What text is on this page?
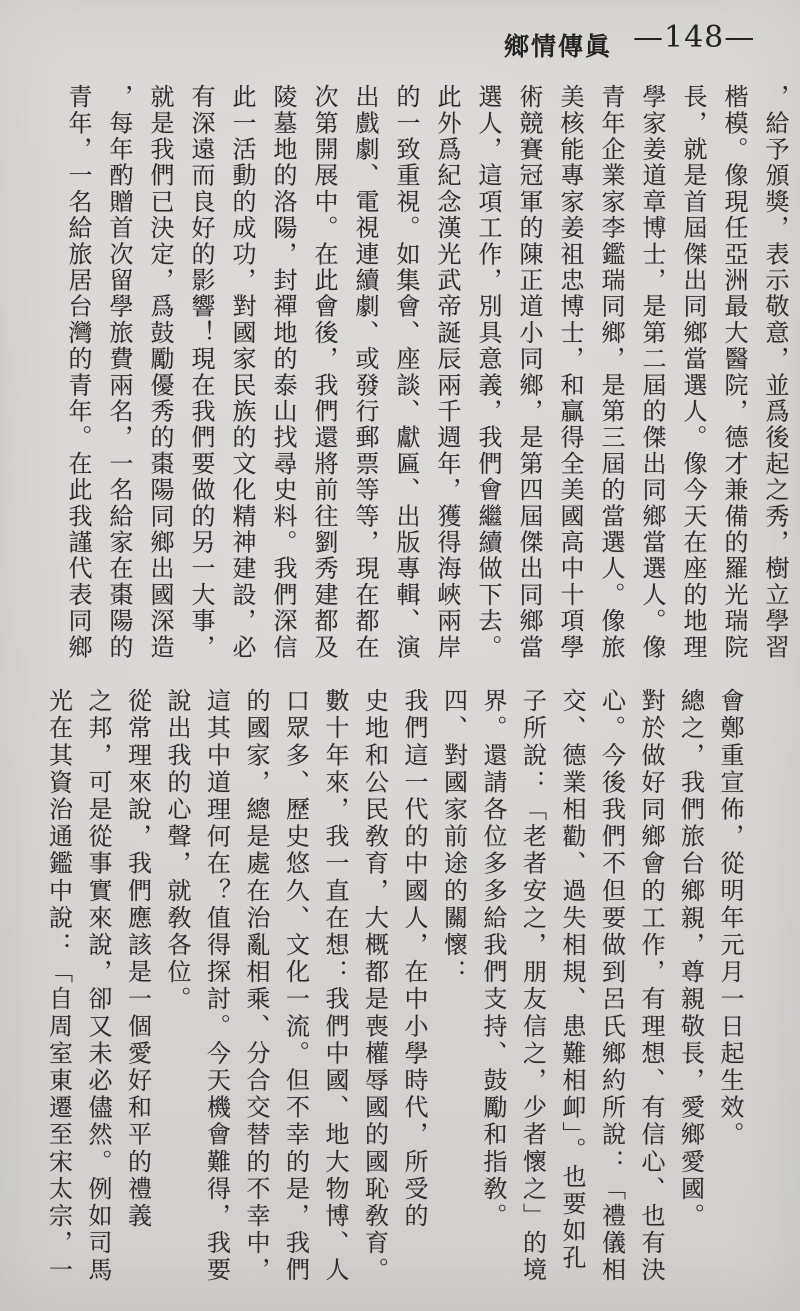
鄉情傳眞 —148—

，給予頒獎，表示敬意，並爲後起之秀，樹立學習

楷模。像現任亞洲最大醫院，德才兼備的羅光瑞院

長，就是首屆傑出同鄉當選人。像今天在座的地理

學家姜道章博士，是第二屆的傑出同鄉當選人。像

青年企業家李鑑瑞同鄉，是第三屆的當選人。像旅

美核能專家姜祖忠博士，和贏得全美國高中十項學

術競賽冠軍的陳正道小同鄉，是第四屆傑出同鄉當

選人，這項工作，別具意義，我們會繼續做下去。

此外爲紀念漢光武帝誕辰兩千週年，獲得海峽兩岸

的一致重視。如集會、座談、獻匾、出版專輯、演

出戲劇、電視連續劇、或發行郵票等等，現在都在

次第開展中。在此會後，我們還將前往劉秀建都及

陵墓地的洛陽，封禪地的泰山找尋史料。我們深信

此一活動的成功，對國家民族的文化精神建設，必

有深遠而良好的影響！現在我們要做的另一大事，

就是我們已決定，爲鼓勵優秀的棗陽同鄉出國深造

，每年酌贈首次留學旅費兩名，一名給家在棗陽的

青年，一名給旅居台灣的青年。在此我謹代表同鄉

會鄭重宣佈，從明年元月一日起生效。

總之，我們旅台鄉親，尊親敬長，愛鄉愛國。

對於做好同鄉會的工作，有理想、有信心、也有決

心。今後我們不但要做到呂氏鄉約所說：「禮儀相

交、德業相勸、過失相規、患難相卹」。也要如孔

子所說：「老者安之，朋友信之，少者懷之」的境

界。還請各位多多給我們支持、鼓勵和指敎。

四、對國家前途的關懷：

我們這一代的中國人，在中小學時代，所受的

史地和公民敎育，大概都是喪權辱國的國恥敎育。

數十年來，我一直在想：我們中國、地大物博、人

口眾多、歷史悠久、文化一流。但不幸的是，我們

的國家，總是處在治亂相乘、分合交替的不幸中，

這其中道理何在？值得探討。今天機會難得，我要

說出我的心聲，就敎各位。

從常理來說，我們應該是一個愛好和平的禮義

之邦，可是從事實來說，卻又未必儘然。例如司馬

光在其資治通鑑中說：「自周室東遷至宋太宗，一
